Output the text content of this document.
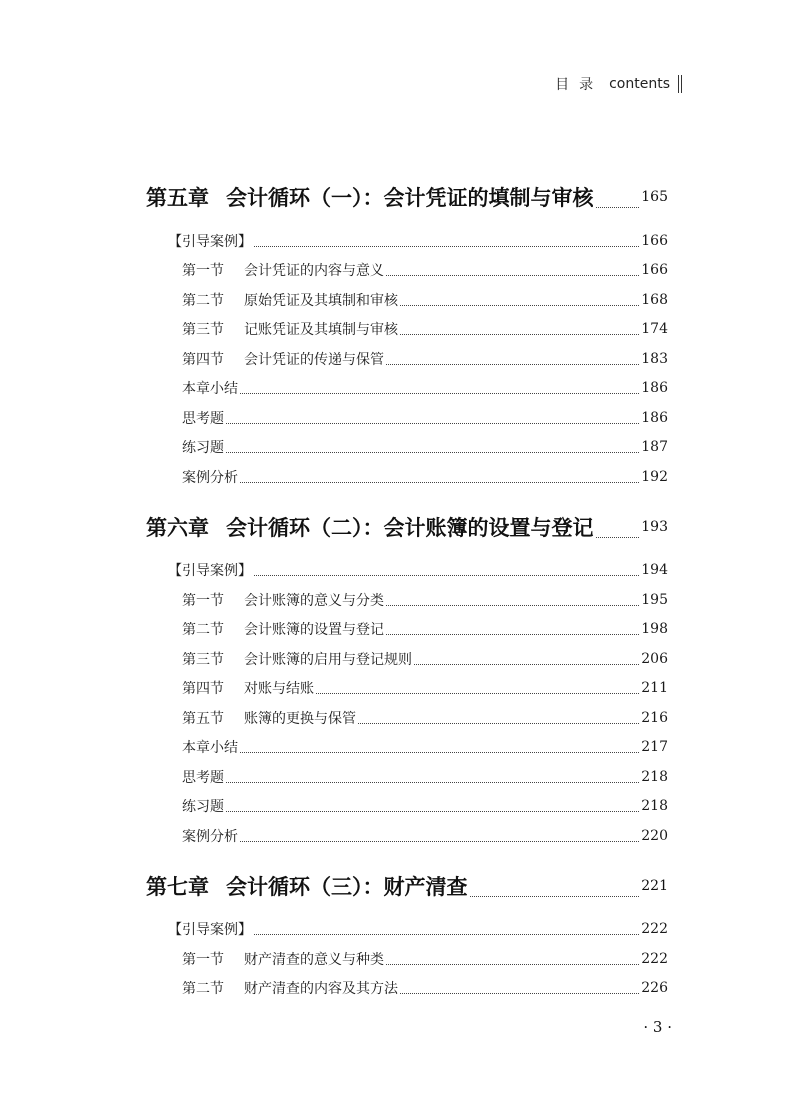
目录 contents
第五章 会计循环（一）：会计凭证的填制与审核	165
【引导案例】	166
第一节	会计凭证的内容与意义	166
第二节	原始凭证及其填制和审核	168
第三节	记账凭证及其填制与审核	174
第四节	会计凭证的传递与保管	183
本章小结	186
思考题	186
练习题	187
案例分析	192
第六章 会计循环（二）：会计账簿的设置与登记	193
【引导案例】	194
第一节	会计账簿的意义与分类	195
第二节	会计账簿的设置与登记	198
第三节	会计账簿的启用与登记规则	206
第四节	对账与结账	211
第五节	账簿的更换与保管	216
本章小结	217
思考题	218
练习题	218
案例分析	220
第七章 会计循环（三）：财产清查	221
【引导案例】	222
第一节	财产清查的意义与种类	222
第二节	财产清查的内容及其方法	226
· 3 ·
